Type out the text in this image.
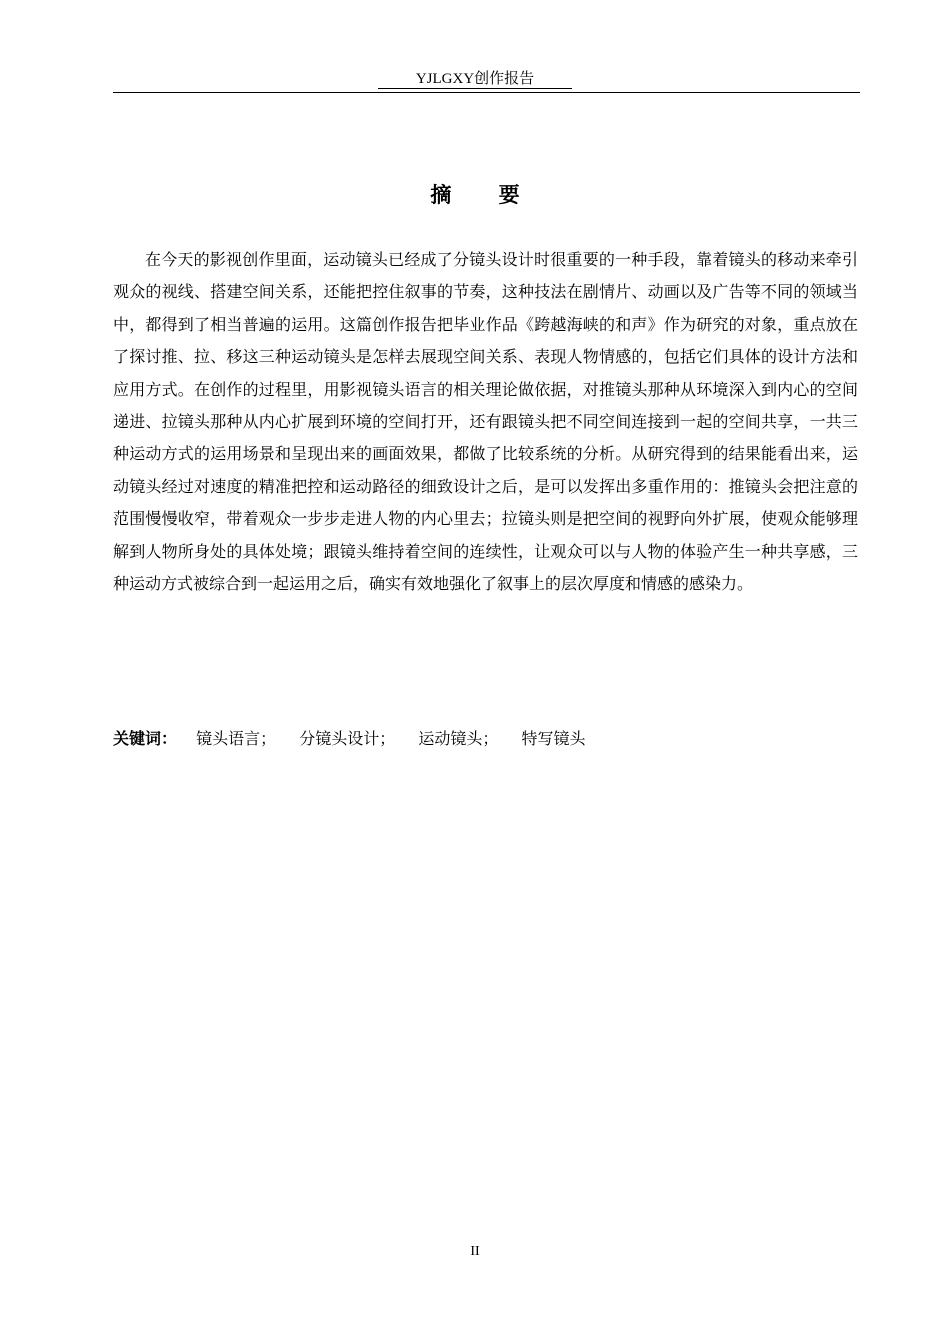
YJLGXY创作报告
摘 要

在今天的影视创作里面，运动镜头已经成了分镜头设计时很重要的一种手段，靠着镜头的移动来牵引观众的视线、搭建空间关系，还能把控住叙事的节奏，这种技法在剧情片、动画以及广告等不同的领域当中，都得到了相当普遍的运用。这篇创作报告把毕业作品《跨越海峡的和声》作为研究的对象，重点放在了探讨推、拉、移这三种运动镜头是怎样去展现空间关系、表现人物情感的，包括它们具体的设计方法和应用方式。在创作的过程里，用影视镜头语言的相关理论做依据，对推镜头那种从环境深入到内心的空间递进、拉镜头那种从内心扩展到环境的空间打开，还有跟镜头把不同空间连接到一起的空间共享，一共三种运动方式的运用场景和呈现出来的画面效果，都做了比较系统的分析。从研究得到的结果能看出来，运动镜头经过对速度的精准把控和运动路径的细致设计之后，是可以发挥出多重作用的：推镜头会把注意的范围慢慢收窄，带着观众一步步走进人物的内心里去；拉镜头则是把空间的视野向外扩展，使观众能够理解到人物所身处的具体处境；跟镜头维持着空间的连续性，让观众可以与人物的体验产生一种共享感，三种运动方式被综合到一起运用之后，确实有效地强化了叙事上的层次厚度和情感的感染力。

关键词： 镜头语言； 分镜头设计； 运动镜头； 特写镜头
II
